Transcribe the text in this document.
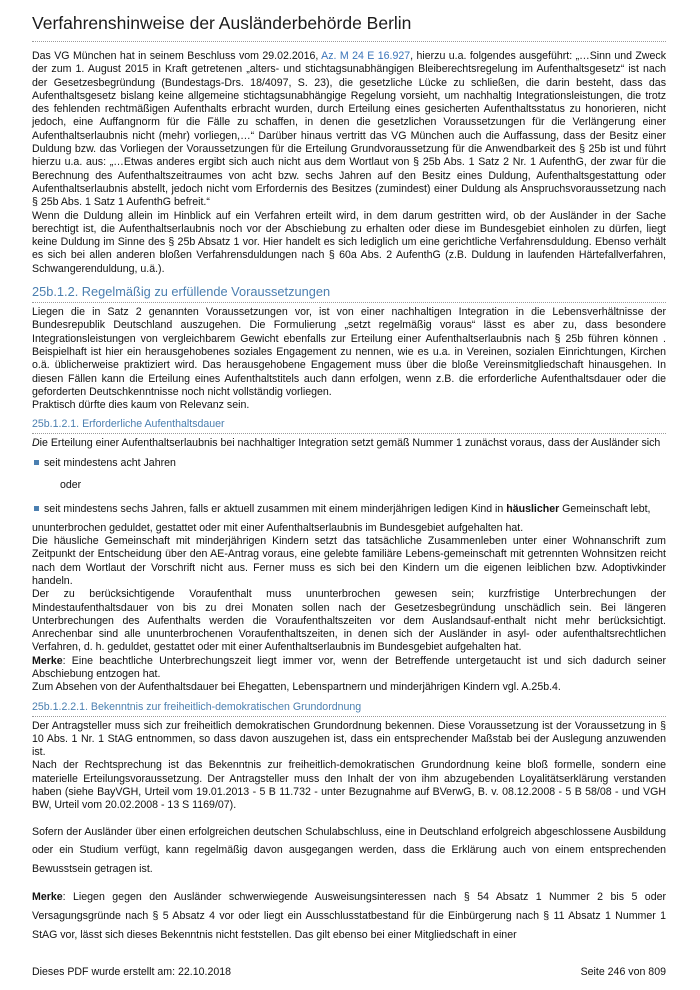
Verfahrenshinweise der Ausländerbehörde Berlin

Das VG München hat in seinem Beschluss vom 29.02.2016, Az. M 24 E 16.927, hierzu u.a. folgendes ausgeführt: „…Sinn und Zweck der zum 1. August 2015 in Kraft getretenen „alters- und stichtagsunabhängigen Bleiberechtsregelung im Aufenthaltsgesetz“ ist nach der Gesetzesbegründung (Bundestags-Drs. 18/4097, S. 23), die gesetzliche Lücke zu schließen, die darin besteht, dass das Aufenthaltsgesetz bislang keine allgemeine stichtagsunabhängige Regelung vorsieht, um nachhaltig Integrationsleistungen, die trotz des fehlenden rechtmäßigen Aufenthalts erbracht wurden, durch Erteilung eines gesicherten Aufenthaltsstatus zu honorieren, nicht jedoch, eine Auffangnorm für die Fälle zu schaffen, in denen die gesetzlichen Voraussetzungen für die Verlängerung einer Aufenthaltserlaubnis nicht (mehr) vorliegen,…“ Darüber hinaus vertritt das VG München auch die Auffassung, dass der Besitz einer Duldung bzw. das Vorliegen der Voraussetzungen für die Erteilung Grundvoraussetzung für die Anwendbarkeit des § 25b ist und führt hierzu u.a. aus: „…Etwas anderes ergibt sich auch nicht aus dem Wortlaut von § 25b Abs. 1 Satz 2 Nr. 1 AufenthG, der zwar für die Berechnung des Aufenthaltszeitraumes von acht bzw. sechs Jahren auf den Besitz eines Duldung, Aufenthaltsgestattung oder Aufenthaltserlaubnis abstellt, jedoch nicht vom Erfordernis des Besitzes (zumindest) einer Duldung als Anspruchsvoraussetzung nach § 25b Abs. 1 Satz 1 AufenthG befreit.“

Wenn die Duldung allein im Hinblick auf ein Verfahren erteilt wird, in dem darum gestritten wird, ob der Ausländer in der Sache berechtigt ist, die Aufenthaltserlaubnis noch vor der Abschiebung zu erhalten oder diese im Bundesgebiet einholen zu dürfen, liegt keine Duldung im Sinne des § 25b Absatz 1 vor. Hier handelt es sich lediglich um eine gerichtliche Verfahrensduldung. Ebenso verhält es sich bei allen anderen bloßen Verfahrensduldungen nach § 60a Abs. 2 AufenthG (z.B. Duldung in laufenden Härtefallverfahren, Schwangerenduldung, u.ä.).

25b.1.2. Regelmäßig zu erfüllende Voraussetzungen

Liegen die in Satz 2 genannten Voraussetzungen vor, ist von einer nachhaltigen Integration in die Lebensverhältnisse der Bundesrepublik Deutschland auszugehen. Die Formulierung „setzt regelmäßig voraus“ lässt es aber zu, dass besondere Integrationsleistungen von vergleichbarem Gewicht ebenfalls zur Erteilung einer Aufenthaltserlaubnis nach § 25b führen können . Beispielhaft ist hier ein herausgehobenes soziales Engagement zu nennen, wie es u.a. in Vereinen, sozialen Einrichtungen, Kirchen o.ä. üblicherweise praktiziert wird. Das herausgehobene Engagement muss über die bloße Vereinsmitgliedschaft hinausgehen. In diesen Fällen kann die Erteilung eines Aufenthaltstitels auch dann erfolgen, wenn z.B. die erforderliche Aufenthaltsdauer oder die geforderten Deutschkenntnisse noch nicht vollständig vorliegen.

Praktisch dürfte dies kaum von Relevanz sein.

25b.1.2.1. Erforderliche Aufenthaltsdauer

Die Erteilung einer Aufenthaltserlaubnis bei nachhaltiger Integration setzt gemäß Nummer 1 zunächst voraus, dass der Ausländer sich

seit mindestens acht Jahren
oder
seit mindestens sechs Jahren, falls er aktuell zusammen mit einem minderjährigen ledigen Kind in häuslicher Gemeinschaft lebt,

ununterbrochen geduldet, gestattet oder mit einer Aufenthaltserlaubnis im Bundesgebiet aufgehalten hat.

Die häusliche Gemeinschaft mit minderjährigen Kindern setzt das tatsächliche Zusammenleben unter einer Wohnanschrift zum Zeitpunkt der Entscheidung über den AE-Antrag voraus, eine gelebte familiäre Lebens-gemeinschaft mit getrennten Wohnsitzen reicht nach dem Wortlaut der Vorschrift nicht aus. Ferner muss es sich bei den Kindern um die eigenen leiblichen bzw. Adoptivkinder handeln.

Der zu berücksichtigende Voraufenthalt muss ununterbrochen gewesen sein; kurzfristige Unterbrechungen der Mindestaufenthaltsdauer von bis zu drei Monaten sollen nach der Gesetzesbegründung unschädlich sein. Bei längeren Unterbrechungen des Aufenthalts werden die Voraufenthaltszeiten vor dem Auslandsauf-enthalt nicht mehr berücksichtigt. Anrechenbar sind alle ununterbrochenen Voraufenthaltszeiten, in denen sich der Ausländer in asyl- oder aufenthaltsrechtlichen Verfahren, d. h. geduldet, gestattet oder mit einer Aufenthaltserlaubnis im Bundesgebiet aufgehalten hat.

Merke: Eine beachtliche Unterbrechungszeit liegt immer vor, wenn der Betreffende untergetaucht ist und sich dadurch seiner Abschiebung entzogen hat.

Zum Absehen von der Aufenthaltsdauer bei Ehegatten, Lebenspartnern und minderjährigen Kindern vgl. A.25b.4.

25b.1.2.2.1. Bekenntnis zur freiheitlich-demokratischen Grundordnung

Der Antragsteller muss sich zur freiheitlich demokratischen Grundordnung bekennen. Diese Voraussetzung ist der Voraussetzung in § 10 Abs. 1 Nr. 1 StAG entnommen, so dass davon auszugehen ist, dass ein entsprechender Maßstab bei der Auslegung anzuwenden ist.

Nach der Rechtsprechung ist das Bekenntnis zur freiheitlich-demokratischen Grundordnung keine bloß formelle, sondern eine materielle Erteilungsvoraussetzung. Der Antragsteller muss den Inhalt der von ihm abzugebenden Loyalitätserklärung verstanden haben (siehe BayVGH, Urteil vom 19.01.2013 - 5 B 11.732 - unter Bezugnahme auf BVerwG, B. v. 08.12.2008 - 5 B 58/08 - und VGH BW, Urteil vom 20.02.2008 - 13 S 1169/07).

Sofern der Ausländer über einen erfolgreichen deutschen Schulabschluss, eine in Deutschland erfolgreich abgeschlossene Ausbildung oder ein Studium verfügt, kann regelmäßig davon ausgegangen werden, dass die Erklärung auch von einem entsprechenden Bewusstsein getragen ist.

Merke: Liegen gegen den Ausländer schwerwiegende Ausweisungsinteressen nach § 54 Absatz 1 Nummer 2 bis 5 oder Versagungsgründe nach § 5 Absatz 4 vor oder liegt ein Ausschlusstatbestand für die Einbürgerung nach § 11 Absatz 1 Nummer 1 StAG vor, lässt sich dieses Bekenntnis nicht feststellen. Das gilt ebenso bei einer Mitgliedschaft in einer

Dieses PDF wurde erstellt am: 22.10.2018	Seite 246 von 809
